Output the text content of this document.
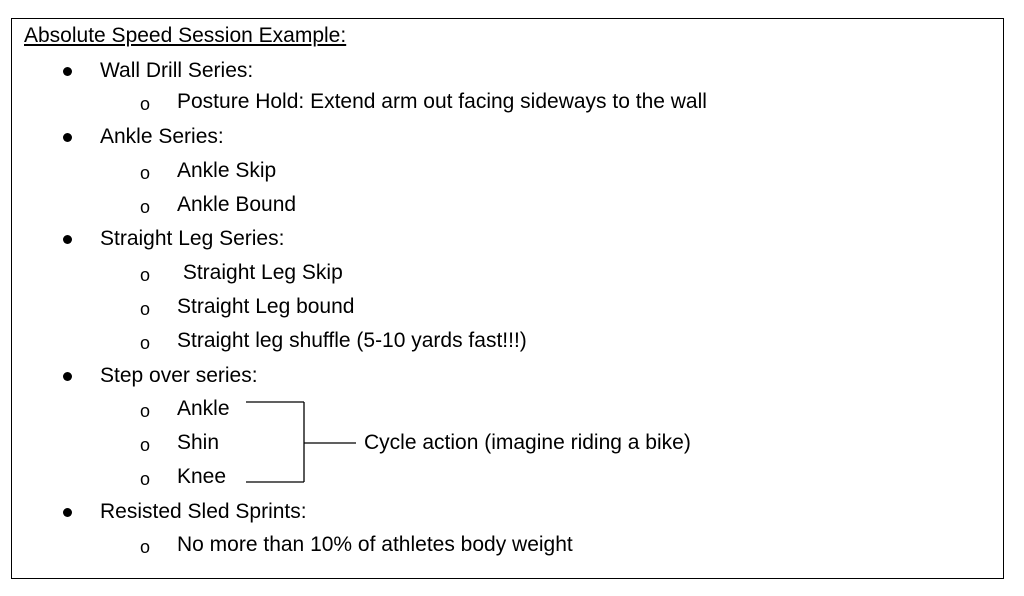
Absolute Speed Session Example:
Wall Drill Series:
o Posture Hold: Extend arm out facing sideways to the wall
Ankle Series:
o Ankle Skip
o Ankle Bound
Straight Leg Series:
o Straight Leg Skip
o Straight Leg bound
o Straight leg shuffle (5-10 yards fast!!!)
Step over series:
o Ankle
o Shin
o Knee
Cycle action (imagine riding a bike)
Resisted Sled Sprints:
o No more than 10% of athletes body weight
